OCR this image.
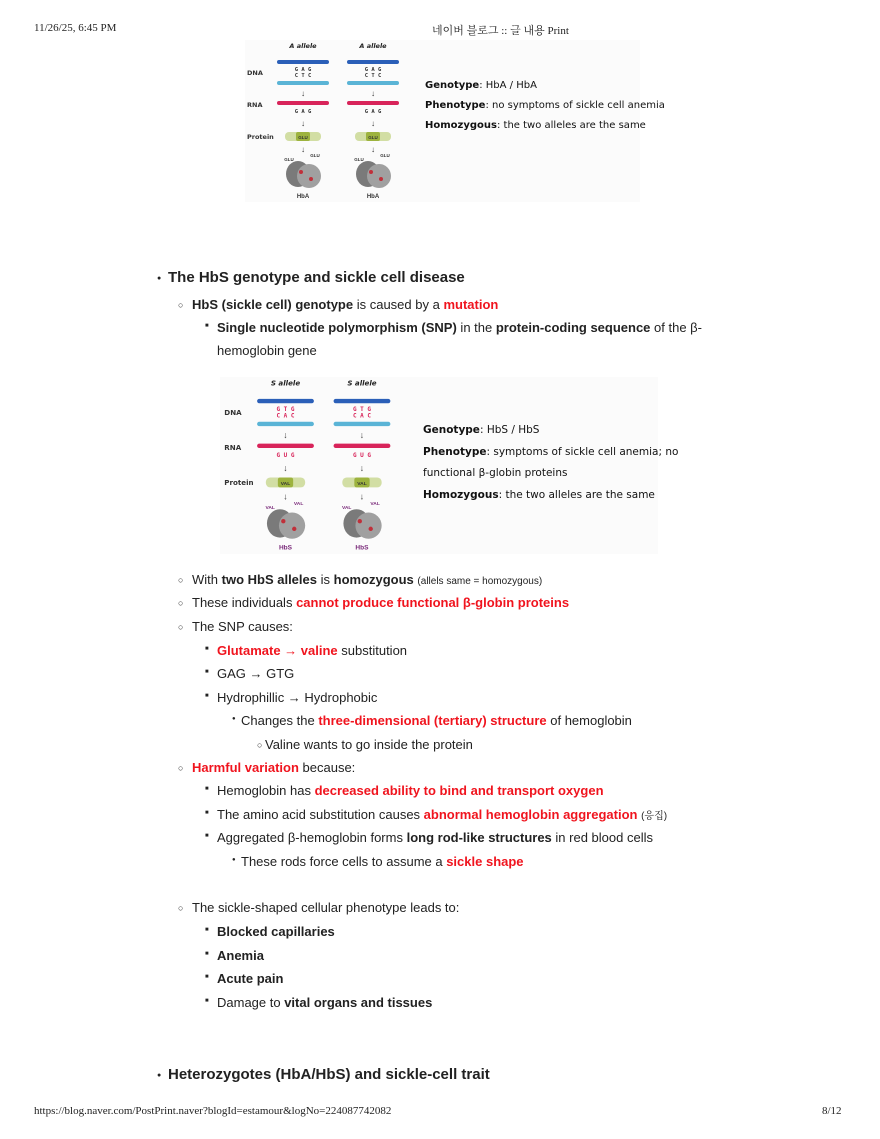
11/26/25, 6:45 PM	네이버 블로그 :: 글 내용 Print
DNA
RNA
Protein
A allele
G A G
C T C
↓
G A G
↓
GLU
↓
GLU
GLU
HbA
A allele
G A G
C T C
↓
G A G
↓
GLU
↓
GLU
GLU
HbA
Genotype: HbA / HbA
Phenotype: no symptoms of sickle cell anemia
Homozygous: the two alleles are the same
DNA
RNA
Protein
S allele
G T G
C A C
↓
G U G
↓
VAL
↓
VAL
VAL
HbS
S allele
G T G
C A C
↓
G U G
↓
VAL
↓
VAL
VAL
HbS
Genotype: HbS / HbS
Phenotype: symptoms of sickle cell anemia; no
functional β-globin proteins
Homozygous: the two alleles are the same
● The HbS genotype and sickle cell disease
○ HbS (sickle cell) genotype is caused by a mutation
■ Single nucleotide polymorphism (SNP) in the protein-coding sequence of the β-
hemoglobin gene
○ With two HbS alleles is homozygous (allels same = homozygous)
○ These individuals cannot produce functional β-globin proteins
○ The SNP causes:
■ Glutamate → valine substitution
■ GAG → GTG
■ Hydrophillic → Hydrophobic
● Changes the three-dimensional (tertiary) structure of hemoglobin
○ Valine wants to go inside the protein
○ Harmful variation because:
■ Hemoglobin has decreased ability to bind and transport oxygen
■ The amino acid substitution causes abnormal hemoglobin aggregation (응집)
■ Aggregated β-hemoglobin forms long rod-like structures in red blood cells
● These rods force cells to assume a sickle shape
○ The sickle-shaped cellular phenotype leads to:
■ Blocked capillaries
■ Anemia
■ Acute pain
■ Damage to vital organs and tissues
● Heterozygotes (HbA/HbS) and sickle-cell trait
https://blog.naver.com/PostPrint.naver?blogId=estamour&logNo=224087742082	8/12
